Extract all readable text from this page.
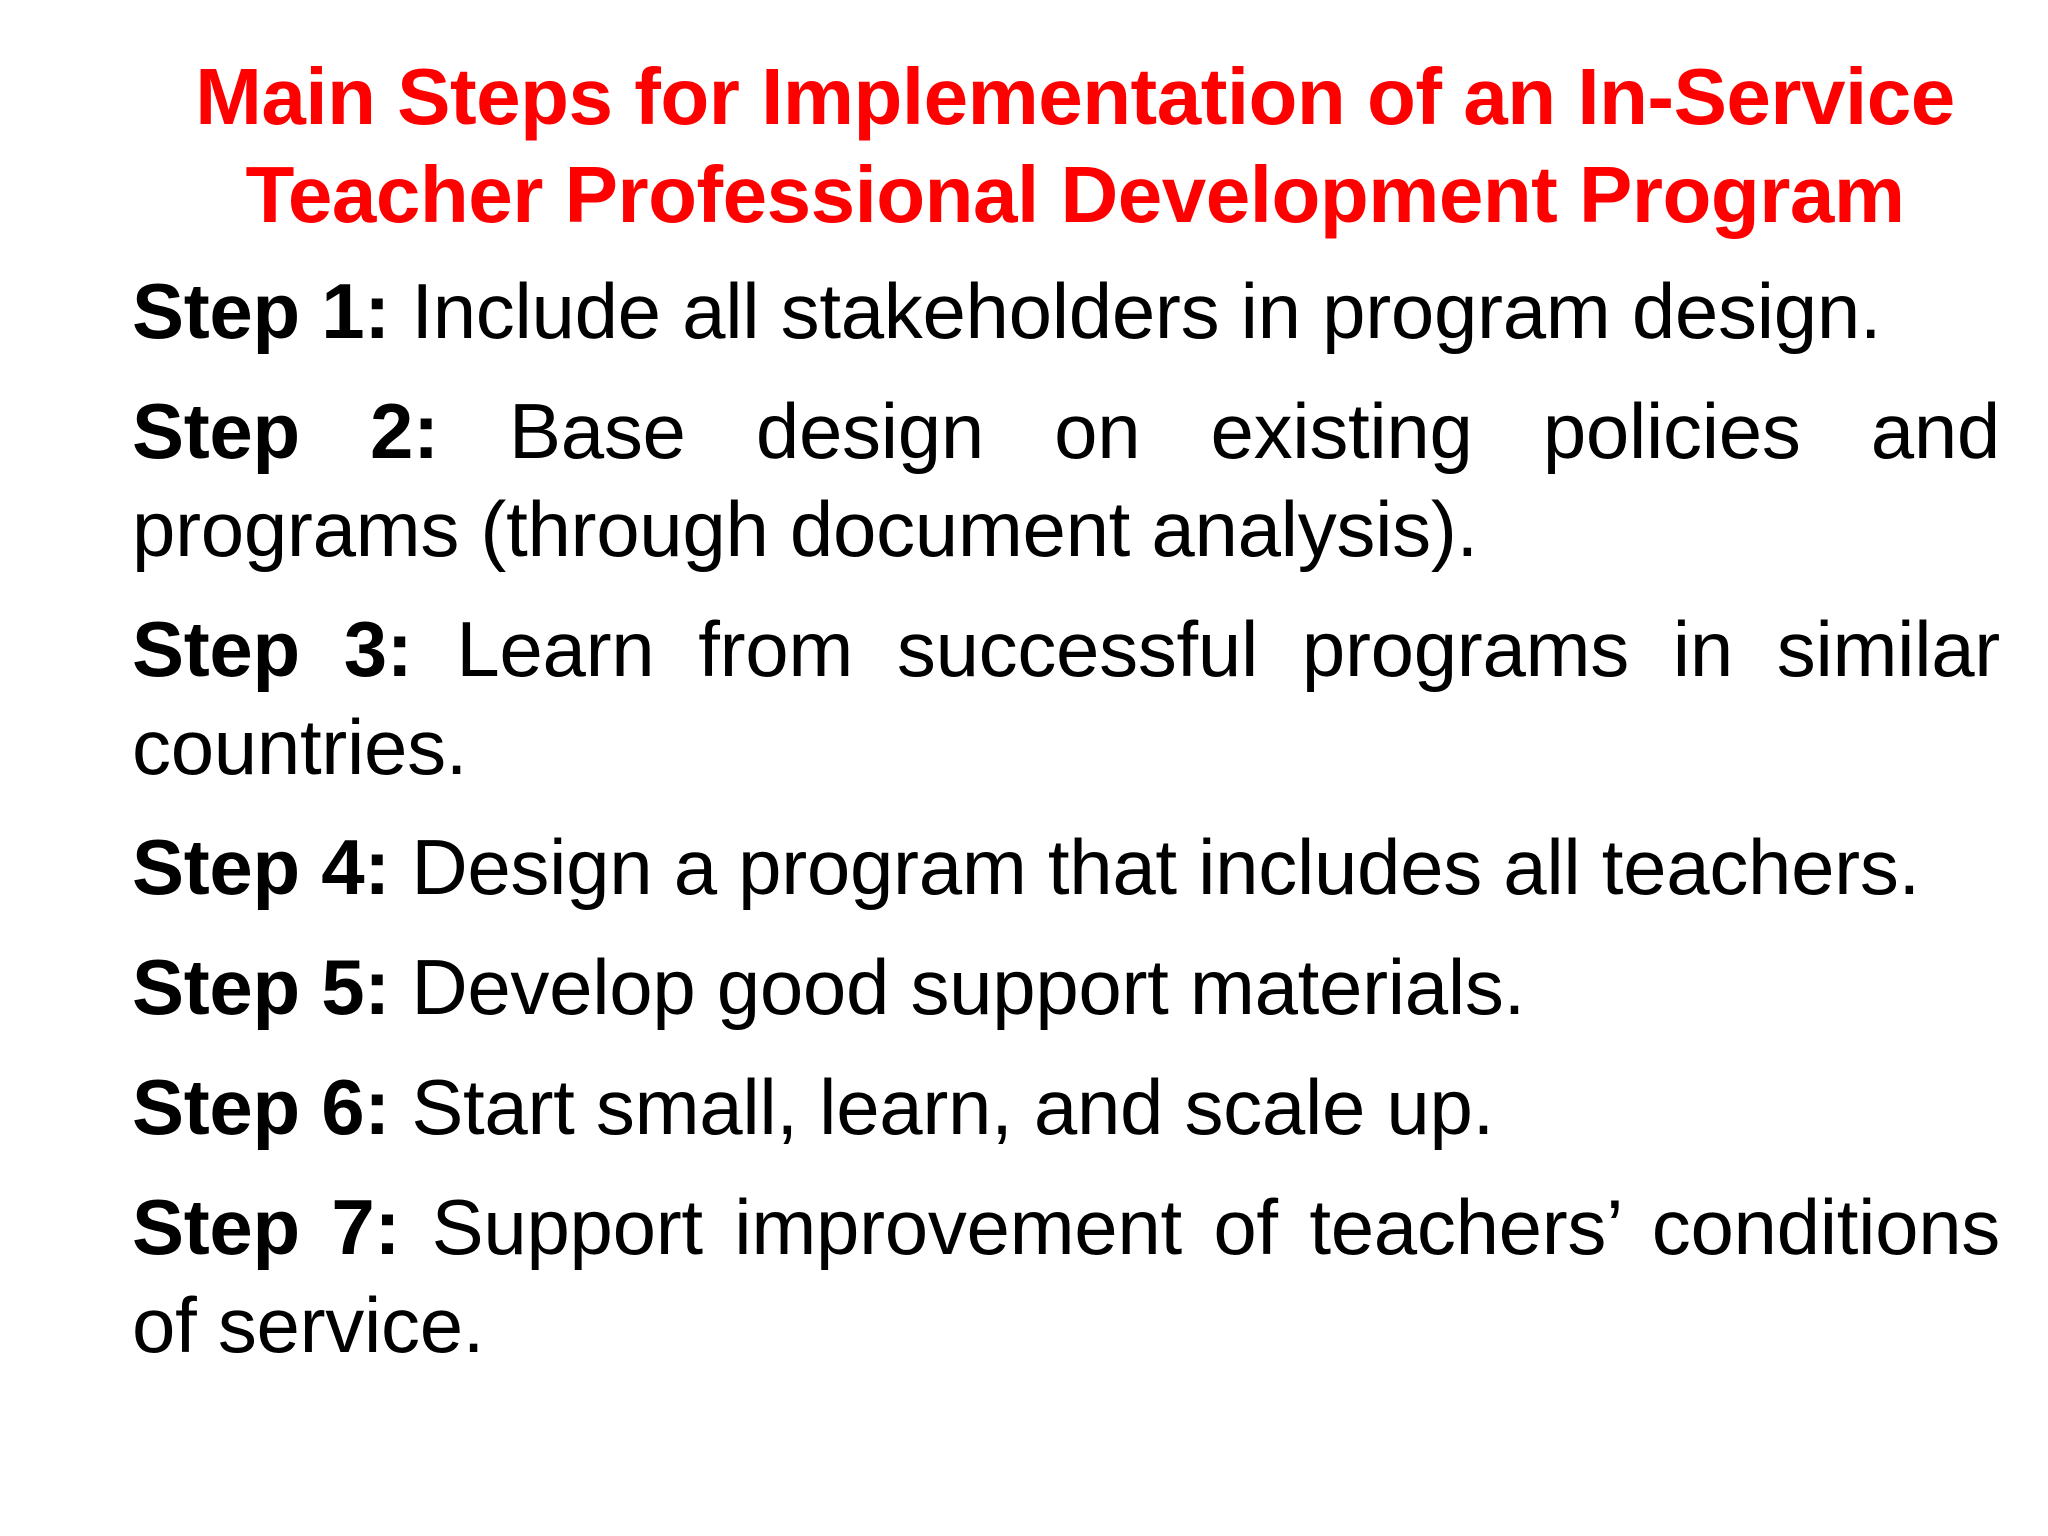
Main Steps for Implementation of an In-Service
Teacher Professional Development Program
Step 1: Include all stakeholders in program design.
Step 2: Base design on existing policies and programs (through document analysis).
Step 3: Learn from successful programs in similar countries.
Step 4: Design a program that includes all teachers.
Step 5: Develop good support materials.
Step 6: Start small, learn, and scale up.
Step 7: Support improvement of teachers’ conditions of service.
